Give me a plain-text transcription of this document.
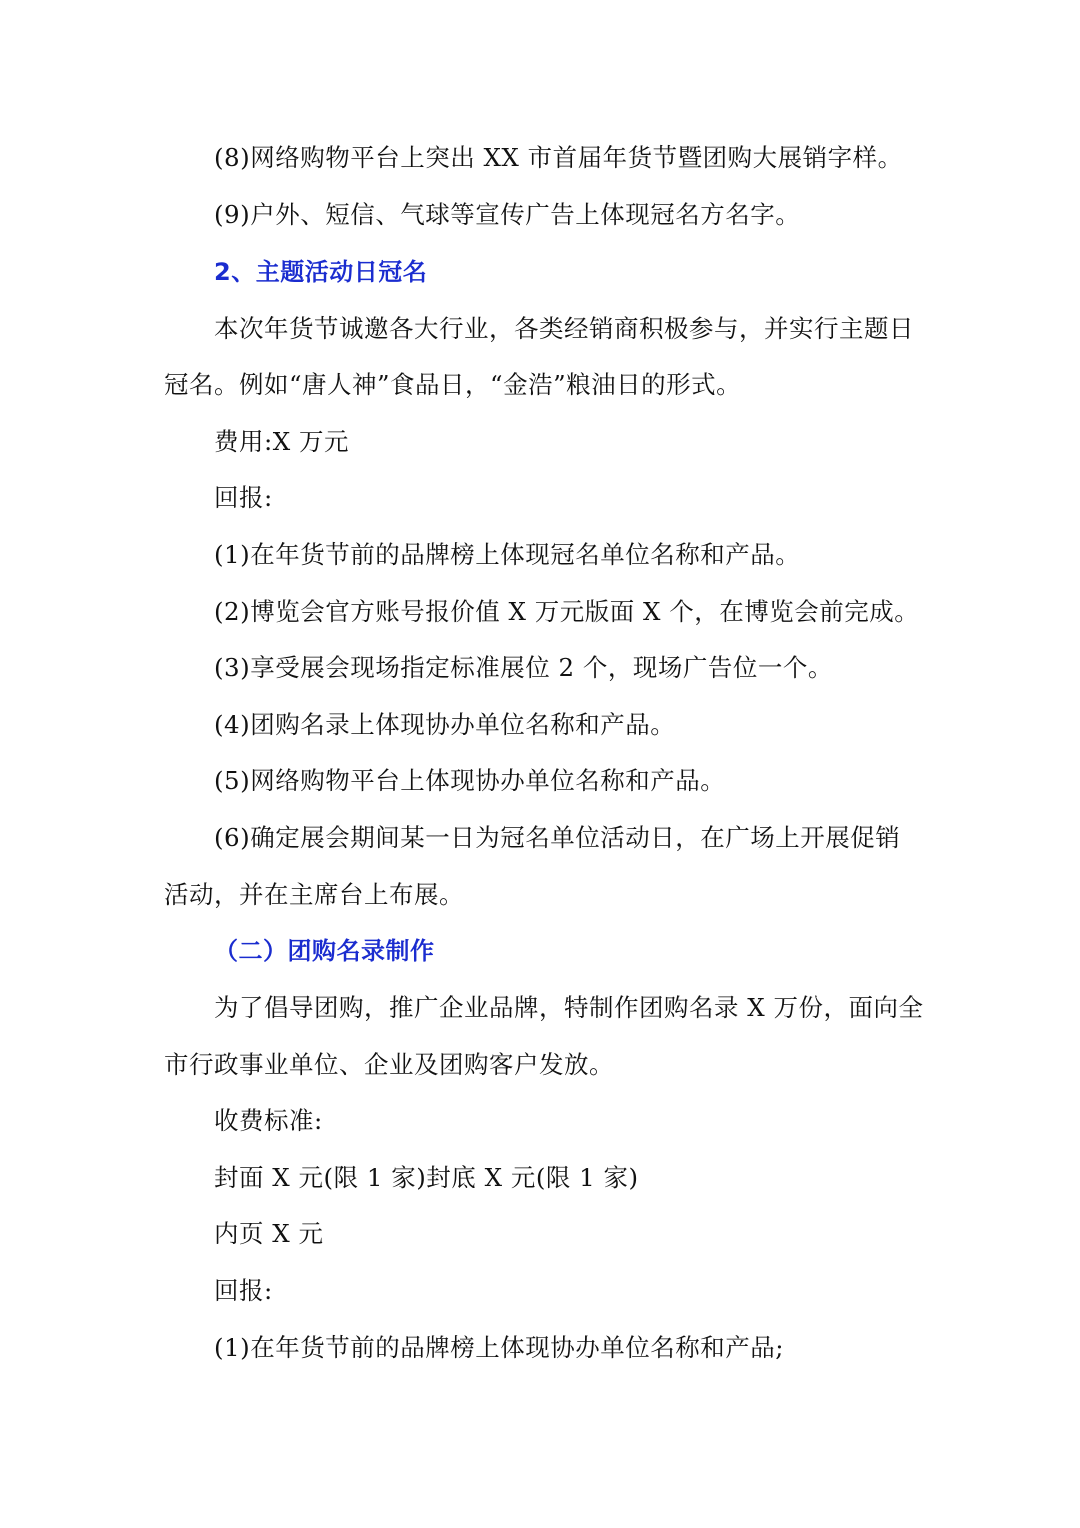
(8)网络购物平台上突出 XX 市首届年货节暨团购大展销字样。
(9)户外、短信、气球等宣传广告上体现冠名方名字。
2、主题活动日冠名
本次年货节诚邀各大行业，各类经销商积极参与，并实行主题日
冠名。例如“唐人神”食品日，“金浩”粮油日的形式。
费用:X 万元
回报:
(1)在年货节前的品牌榜上体现冠名单位名称和产品。
(2)博览会官方账号报价值 X 万元版面 X 个，在博览会前完成。
(3)享受展会现场指定标准展位 2 个，现场广告位一个。
(4)团购名录上体现协办单位名称和产品。
(5)网络购物平台上体现协办单位名称和产品。
(6)确定展会期间某一日为冠名单位活动日，在广场上开展促销
活动，并在主席台上布展。
（二）团购名录制作
为了倡导团购，推广企业品牌，特制作团购名录 X 万份，面向全
市行政事业单位、企业及团购客户发放。
收费标准:
封面 X 元(限 1 家)封底 X 元(限 1 家)
内页 X 元
回报:
(1)在年货节前的品牌榜上体现协办单位名称和产品;
